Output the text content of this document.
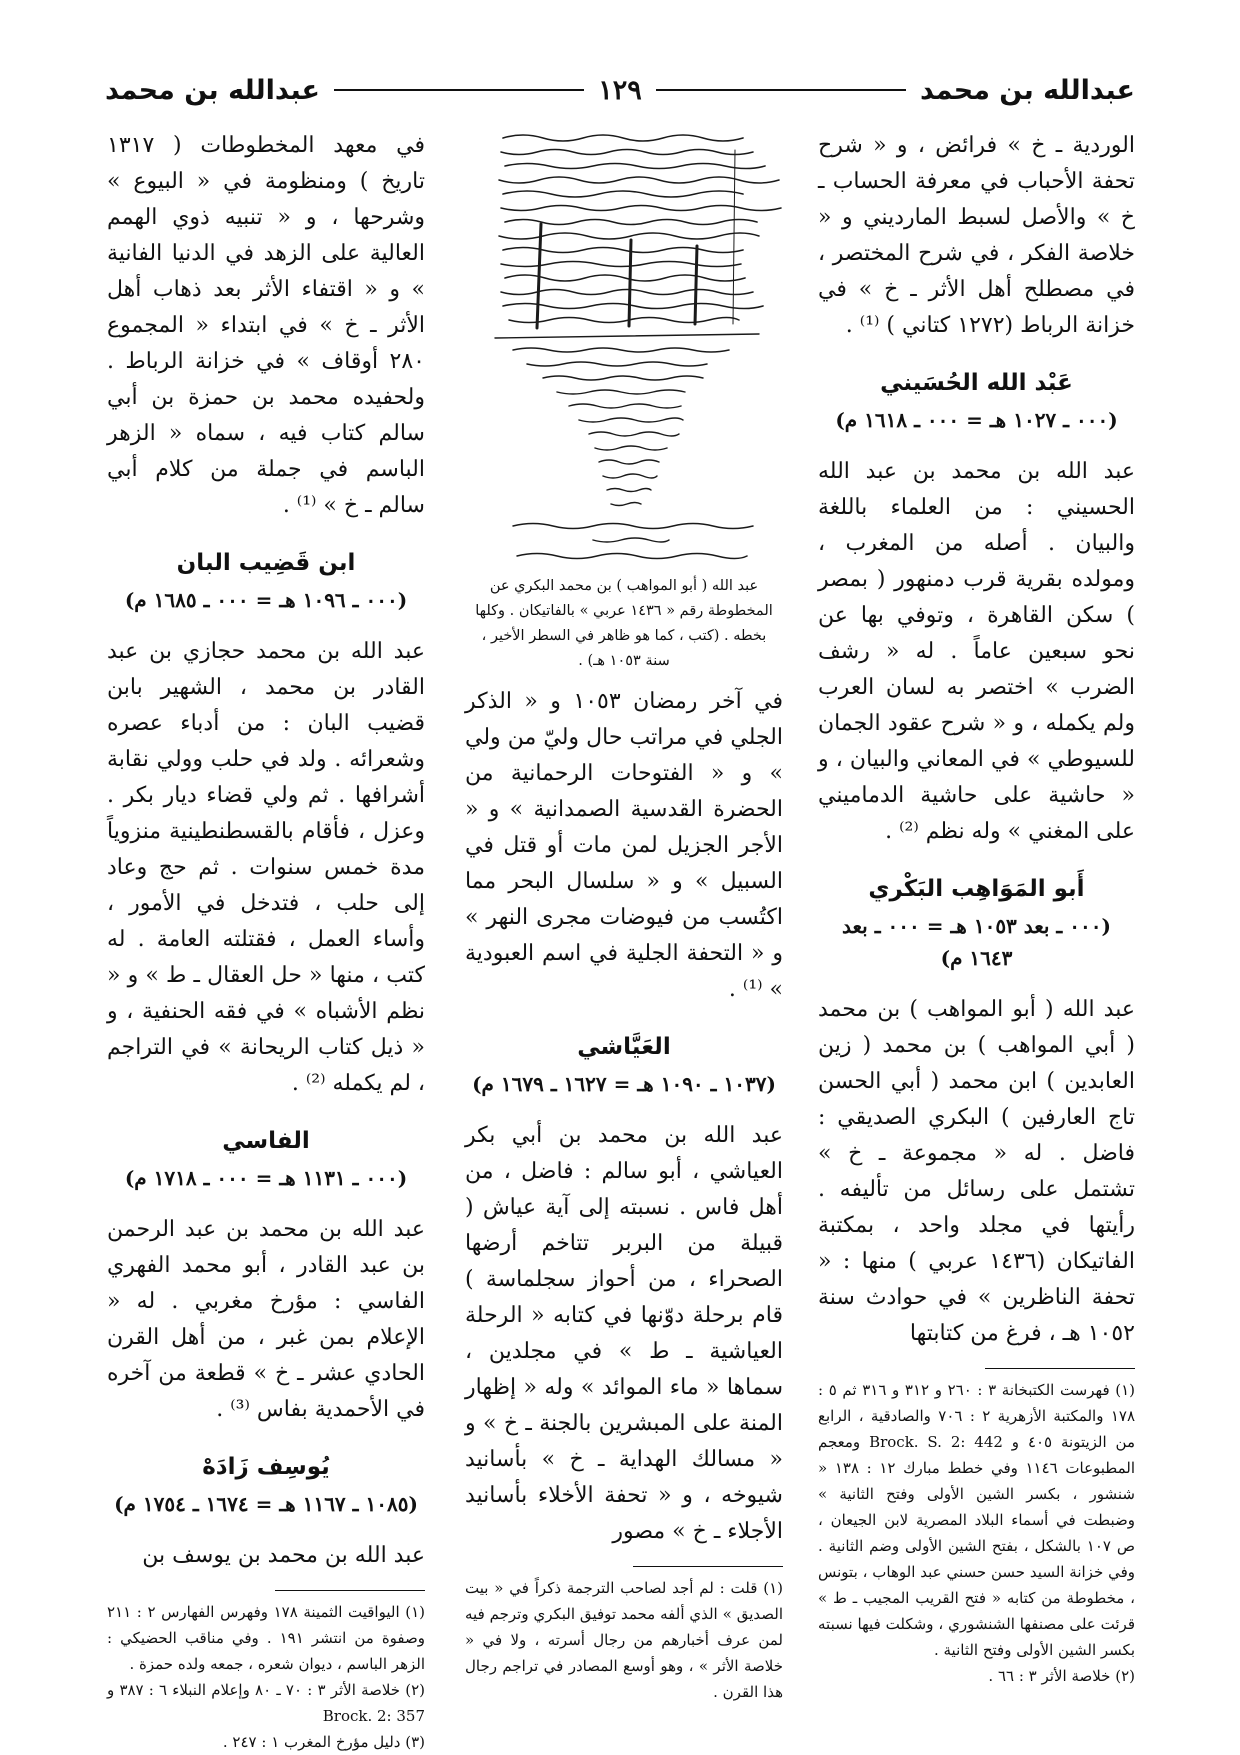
عبدالله بن محمد
١٢٩
عبدالله بن محمد

الوردية ـ خ » فرائض ، و « شرح تحفة الأحباب في معرفة الحساب ـ خ » والأصل لسبط المارديني و « خلاصة الفكر ، في شرح المختصر ، في مصطلح أهل الأثر ـ خ » في خزانة الرباط (١٢٧٢ كتاني ) ⁽¹⁾ .

عَبْد الله الحُسَيني
(٠٠٠ ـ ١٠٢٧ هـ = ٠٠٠ ـ ١٦١٨ م)

عبد الله بن محمد بن عبد الله الحسيني : من العلماء باللغة والبيان . أصله من المغرب ، ومولده بقرية قرب دمنهور ( بمصر ) سكن القاهرة ، وتوفي بها عن نحو سبعين عاماً . له « رشف الضرب » اختصر به لسان العرب ولم يكمله ، و « شرح عقود الجمان للسيوطي » في المعاني والبيان ، و « حاشية على حاشية الدماميني على المغني » وله نظم ⁽²⁾ .

أَبو المَوَاهِب البَكْري
(٠٠٠ ـ بعد ١٠٥٣ هـ = ٠٠٠ ـ بعد
١٦٤٣ م)

عبد الله ( أبو المواهب ) بن محمد ( أبي المواهب ) بن محمد ( زين العابدين ) ابن محمد ( أبي الحسن تاج العارفين ) البكري الصديقي : فاضل . له « مجموعة ـ خ » تشتمل على رسائل من تأليفه . رأيتها في مجلد واحد ، بمكتبة الفاتيكان (١٤٣٦ عربي ) منها : « تحفة الناظرين » في حوادث سنة ١٠٥٢ هـ ، فرغ من كتابتها

(١) فهرست الكتبخانة ٣ : ٢٦٠ و ٣١٢ و ٣١٦ ثم ٥ : ١٧٨ والمكتبة الأزهرية ٢ : ٧٠٦ والصادقية ، الرابع من الزيتونة ٤٠٥ و Brock. S. 2: 442 ومعجم المطبوعات ١١٤٦ وفي خطط مبارك ١٢ : ١٣٨ « شنشور ، بكسر الشين الأولى وفتح الثانية » وضبطت في أسماء البلاد المصرية لابن الجيعان ، ص ١٠٧ بالشكل ، بفتح الشين الأولى وضم الثانية . وفي خزانة السيد حسن حسني عبد الوهاب ، بتونس ، مخطوطة من كتابه « فتح القريب المجيب ـ ط » قرئت على مصنفها الشنشوري ، وشكلت فيها نسبته بكسر الشين الأولى وفتح الثانية .

(٢) خلاصة الأثر ٣ : ٦٦ .

عبد الله ( أبو المواهب ) بن محمد البكري عن المخطوطة رقم « ١٤٣٦ عربي » بالفاتيكان . وكلها بخطه . (كتب ، كما هو ظاهر في السطر الأخير ، سنة ١٠٥٣ هـ) .

في آخر رمضان ١٠٥٣ و « الذكر الجلي في مراتب حال وليّ من ولي » و « الفتوحات الرحمانية من الحضرة القدسية الصمدانية » و « الأجر الجزيل لمن مات أو قتل في السبيل » و « سلسال البحر مما اكتُسب من فيوضات مجرى النهر » و « التحفة الجلية في اسم العبودية » ⁽¹⁾ .

العَيَّاشي
(١٠٣٧ ـ ١٠٩٠ هـ = ١٦٢٧ ـ ١٦٧٩ م)

عبد الله بن محمد بن أبي بكر العياشي ، أبو سالم : فاضل ، من أهل فاس . نسبته إلى آية عياش ( قبيلة من البربر تتاخم أرضها الصحراء ، من أحواز سجلماسة ) قام برحلة دوّنها في كتابه « الرحلة العياشية ـ ط » في مجلدين ، سماها « ماء الموائد » وله « إظهار المنة على المبشرين بالجنة ـ خ » و « مسالك الهداية ـ خ » بأسانيد شيوخه ، و « تحفة الأخلاء بأسانيد الأجلاء ـ خ » مصور

(١) قلت : لم أجد لصاحب الترجمة ذكراً في « بيت الصديق » الذي ألفه محمد توفيق البكري وترجم فيه لمن عرف أخبارهم من رجال أسرته ، ولا في « خلاصة الأثر » ، وهو أوسع المصادر في تراجم رجال هذا القرن .

في معهد المخطوطات ( ١٣١٧ تاريخ ) ومنظومة في « البيوع » وشرحها ، و « تنبيه ذوي الهمم العالية على الزهد في الدنيا الفانية » و « اقتفاء الأثر بعد ذهاب أهل الأثر ـ خ » في ابتداء « المجموع ٢٨٠ أوقاف » في خزانة الرباط . ولحفيده محمد بن حمزة بن أبي سالم كتاب فيه ، سماه « الزهر الباسم في جملة من كلام أبي سالم ـ خ » ⁽¹⁾ .

ابن قَضِيب البان
(٠٠٠ ـ ١٠٩٦ هـ = ٠٠٠ ـ ١٦٨٥ م)

عبد الله بن محمد حجازي بن عبد القادر بن محمد ، الشهير بابن قضيب البان : من أدباء عصره وشعرائه . ولد في حلب وولي نقابة أشرافها . ثم ولي قضاء ديار بكر . وعزل ، فأقام بالقسطنطينية منزوياً مدة خمس سنوات . ثم حج وعاد إلى حلب ، فتدخل في الأمور ، وأساء العمل ، فقتلته العامة . له كتب ، منها « حل العقال ـ ط » و « نظم الأشباه » في فقه الحنفية ، و « ذيل كتاب الريحانة » في التراجم ، لم يكمله ⁽²⁾ .

الفاسي
(٠٠٠ ـ ١١٣١ هـ = ٠٠٠ ـ ١٧١٨ م)

عبد الله بن محمد بن عبد الرحمن بن عبد القادر ، أبو محمد الفهري الفاسي : مؤرخ مغربي . له « الإعلام بمن غبر ، من أهل القرن الحادي عشر ـ خ » قطعة من آخره في الأحمدية بفاس ⁽³⁾ .

يُوسِف زَادَهْ
(١٠٨٥ ـ ١١٦٧ هـ = ١٦٧٤ ـ ١٧٥٤ م)

عبد الله بن محمد بن يوسف بن

(١) اليواقيت الثمينة ١٧٨ وفهرس الفهارس ٢ : ٢١١ وصفوة من انتشر ١٩١ . وفي مناقب الحضيكي : الزهر الباسم ، ديوان شعره ، جمعه ولده حمزة .

(٢) خلاصة الأثر ٣ : ٧٠ ـ ٨٠ وإعلام النبلاء ٦ : ٣٨٧ و Brock. 2: 357

(٣) دليل مؤرخ المغرب ١ : ٢٤٧ .
